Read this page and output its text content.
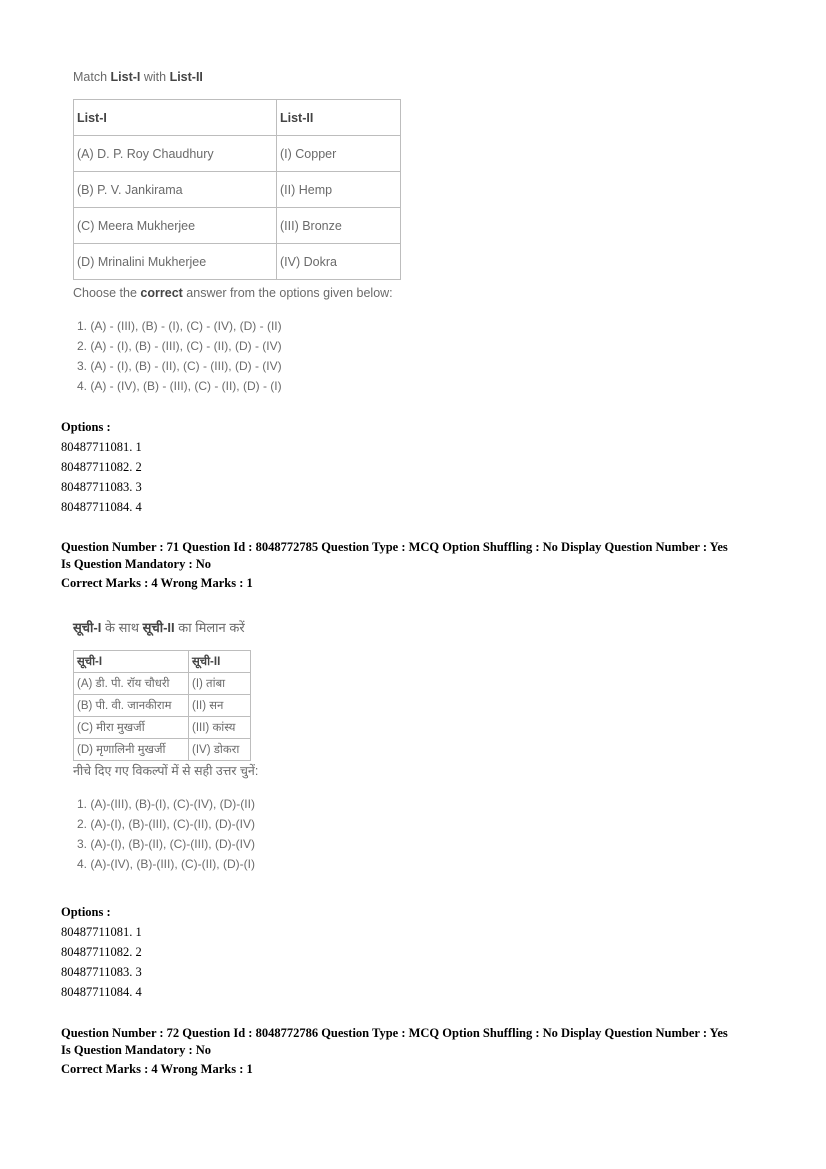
Match List-I with List-II
List-I	List-II
(A) D. P. Roy Chaudhury	(I) Copper
(B) P. V. Jankirama	(II) Hemp
(C) Meera Mukherjee	(III) Bronze
(D) Mrinalini Mukherjee	(IV) Dokra
Choose the correct answer from the options given below:
1. (A) - (III), (B) - (I), (C) - (IV), (D) - (II)
2. (A) - (I), (B) - (III), (C) - (II), (D) - (IV)
3. (A) - (I), (B) - (II), (C) - (III), (D) - (IV)
4. (A) - (IV), (B) - (III), (C) - (II), (D) - (I)
Options :
80487711081. 1
80487711082. 2
80487711083. 3
80487711084. 4
Question Number : 71 Question Id : 8048772785 Question Type : MCQ Option Shuffling : No Display Question Number : Yes
Is Question Mandatory : No
Correct Marks : 4 Wrong Marks : 1
सूची-I के साथ सूची-II का मिलान करें
सूची-I	सूची-II
(A) डी. पी. रॉय चौधरी	(I) तांबा
(B) पी. वी. जानकीराम	(II) सन
(C) मीरा मुखर्जी	(III) कांस्य
(D) मृणालिनी मुखर्जी	(IV) डोकरा
नीचे दिए गए विकल्पों में से सही उत्तर चुनें:
1. (A)-(III), (B)-(I), (C)-(IV), (D)-(II)
2. (A)-(I), (B)-(III), (C)-(II), (D)-(IV)
3. (A)-(I), (B)-(II), (C)-(III), (D)-(IV)
4. (A)-(IV), (B)-(III), (C)-(II), (D)-(I)
Options :
80487711081. 1
80487711082. 2
80487711083. 3
80487711084. 4
Question Number : 72 Question Id : 8048772786 Question Type : MCQ Option Shuffling : No Display Question Number : Yes
Is Question Mandatory : No
Correct Marks : 4 Wrong Marks : 1
